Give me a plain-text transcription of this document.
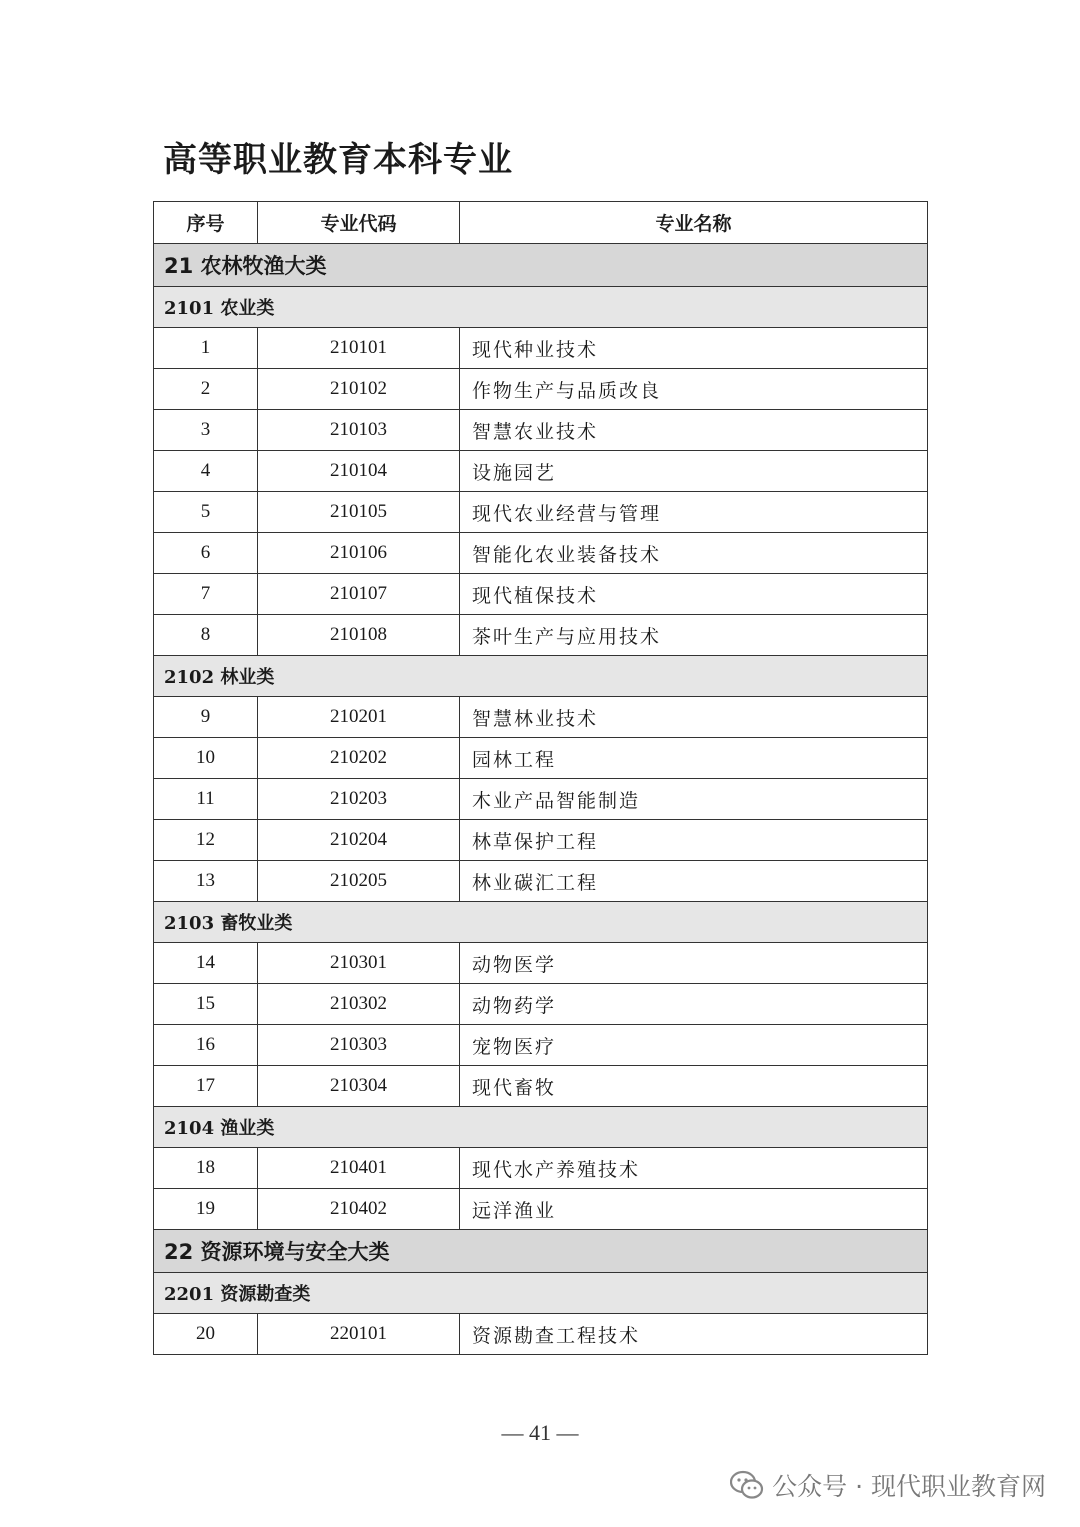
高等职业教育本科专业
序号	专业代码	专业名称
21 农林牧渔大类		
2101 农业类		
1	210101	现代种业技术
2	210102	作物生产与品质改良
3	210103	智慧农业技术
4	210104	设施园艺
5	210105	现代农业经营与管理
6	210106	智能化农业装备技术
7	210107	现代植保技术
8	210108	茶叶生产与应用技术
2102 林业类		
9	210201	智慧林业技术
10	210202	园林工程
11	210203	木业产品智能制造
12	210204	林草保护工程
13	210205	林业碳汇工程
2103 畜牧业类		
14	210301	动物医学
15	210302	动物药学
16	210303	宠物医疗
17	210304	现代畜牧
2104 渔业类		
18	210401	现代水产养殖技术
19	210402	远洋渔业
22 资源环境与安全大类		
2201 资源勘查类		
20	220101	资源勘查工程技术
— 41 —
公众号 · 现代职业教育网
